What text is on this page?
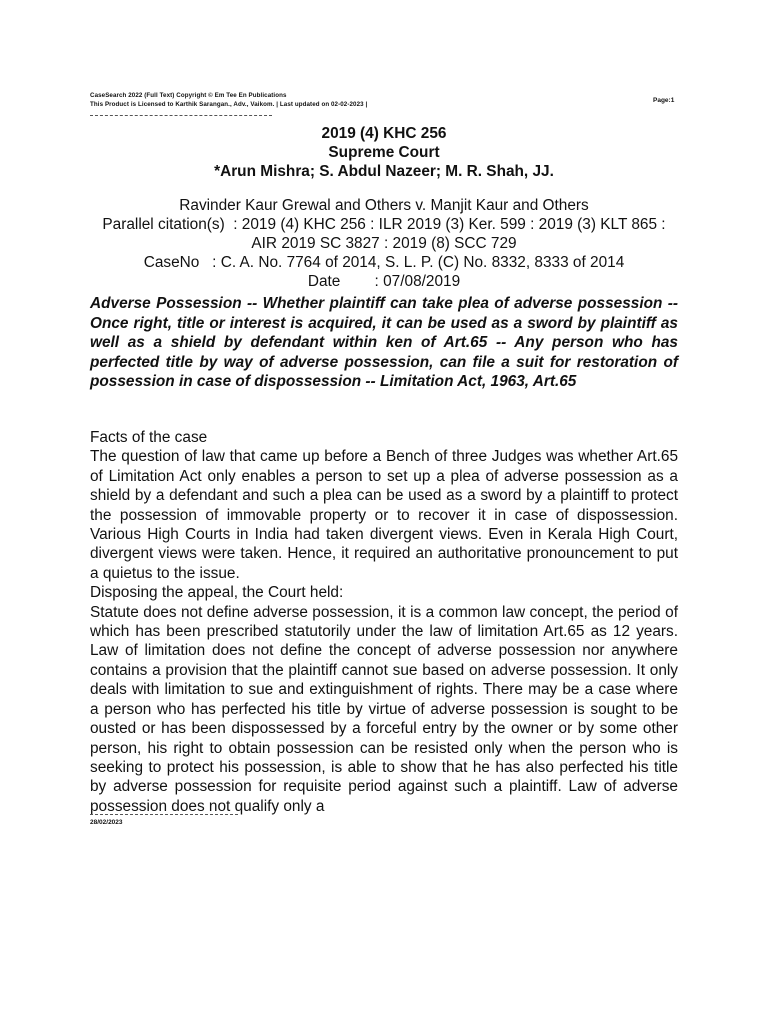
CaseSearch 2022 (Full Text) Copyright © Em Tee En Publications
This Product is Licensed to Karthik Sarangan., Adv., Vaikom. | Last updated on 02-02-2023 |
Page:1
2019 (4) KHC 256
Supreme Court
*Arun Mishra; S. Abdul Nazeer; M. R. Shah, JJ.
Ravinder Kaur Grewal and Others v. Manjit Kaur and Others
Parallel citation(s)  : 2019 (4) KHC 256 : ILR 2019 (3) Ker. 599 : 2019 (3) KLT 865 : AIR 2019 SC 3827 : 2019 (8) SCC 729
CaseNo   : C. A. No. 7764 of 2014, S. L. P. (C) No. 8332, 8333 of 2014
Date        : 07/08/2019
Adverse Possession -- Whether plaintiff can take plea of adverse possession -- Once right, title or interest is acquired, it can be used as a sword by plaintiff as well as a shield by defendant within ken of Art.65 -- Any person who has perfected title by way of adverse possession, can file a suit for restoration of possession in case of dispossession -- Limitation Act, 1963, Art.65

Facts of the case

The question of law that came up before a Bench of three Judges was whether Art.65 of Limitation Act only enables a person to set up a plea of adverse possession as a shield by a defendant and such a plea can be used as a sword by a plaintiff to protect the possession of immovable property or to recover it in case of dispossession. Various High Courts in India had taken divergent views. Even in Kerala High Court, divergent views were taken. Hence, it required an authoritative pronouncement to put a quietus to the issue.

Disposing the appeal, the Court held:

Statute does not define adverse possession, it is a common law concept, the period of which has been prescribed statutorily under the law of limitation Art.65 as 12 years. Law of limitation does not define the concept of adverse possession nor anywhere contains a provision that the plaintiff cannot sue based on adverse possession. It only deals with limitation to sue and extinguishment of rights. There may be a case where a person who has perfected his title by virtue of adverse possession is sought to be ousted or has been dispossessed by a forceful entry by the owner or by some other person, his right to obtain possession can be resisted only when the person who is seeking to protect his possession, is able to show that he has also perfected his title by adverse possession for requisite period against such a plaintiff. Law of adverse possession does not qualify only a

28/02/2023
